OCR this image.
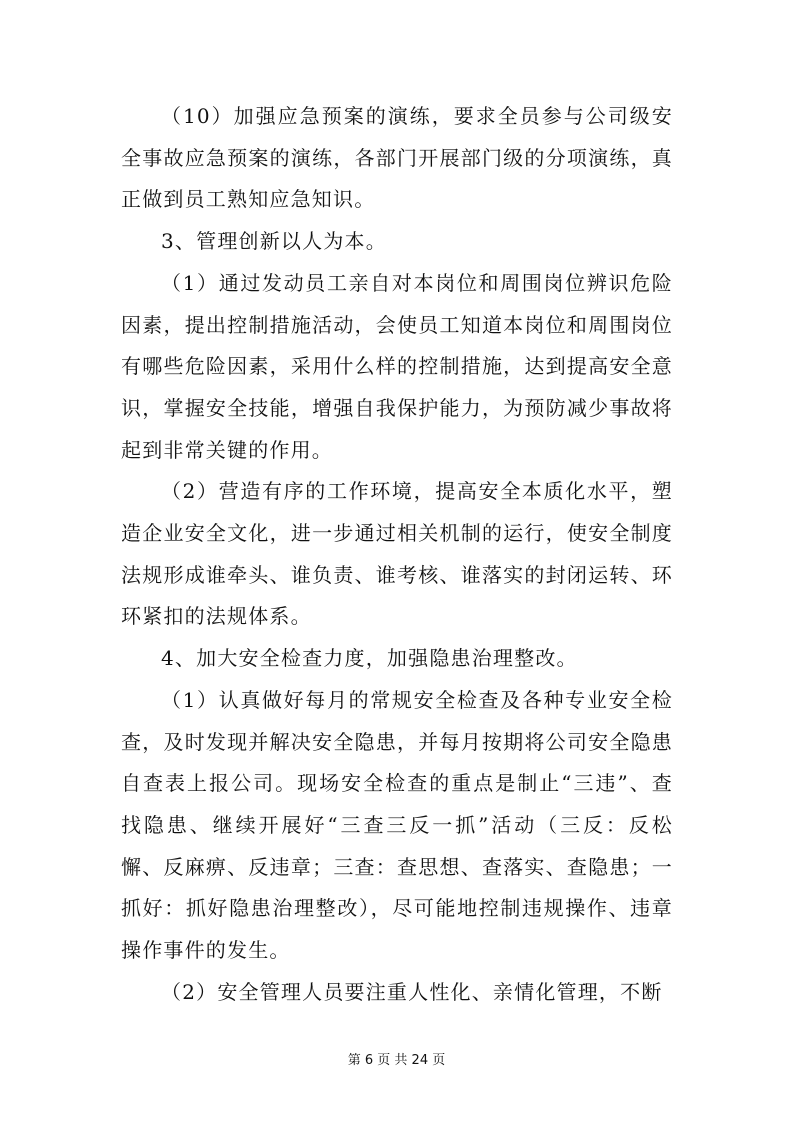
（10）加强应急预案的演练，要求全员参与公司级安全事故应急预案的演练，各部门开展部门级的分项演练，真正做到员工熟知应急知识。

3、管理创新以人为本。

（1）通过发动员工亲自对本岗位和周围岗位辨识危险因素，提出控制措施活动，会使员工知道本岗位和周围岗位有哪些危险因素，采用什么样的控制措施，达到提高安全意识，掌握安全技能，增强自我保护能力，为预防减少事故将起到非常关键的作用。

（2）营造有序的工作环境，提高安全本质化水平，塑造企业安全文化，进一步通过相关机制的运行，使安全制度法规形成谁牵头、谁负责、谁考核、谁落实的封闭运转、环环紧扣的法规体系。

4、加大安全检查力度，加强隐患治理整改。

（1）认真做好每月的常规安全检查及各种专业安全检查，及时发现并解决安全隐患，并每月按期将公司安全隐患自查表上报公司。现场安全检查的重点是制止“三违”、查找隐患、继续开展好“三查三反一抓”活动（三反：反松懈、反麻痹、反违章；三查：查思想、查落实、查隐患；一抓好：抓好隐患治理整改），尽可能地控制违规操作、违章操作事件的发生。

（2）安全管理人员要注重人性化、亲情化管理，不断

第 6 页 共 24 页
